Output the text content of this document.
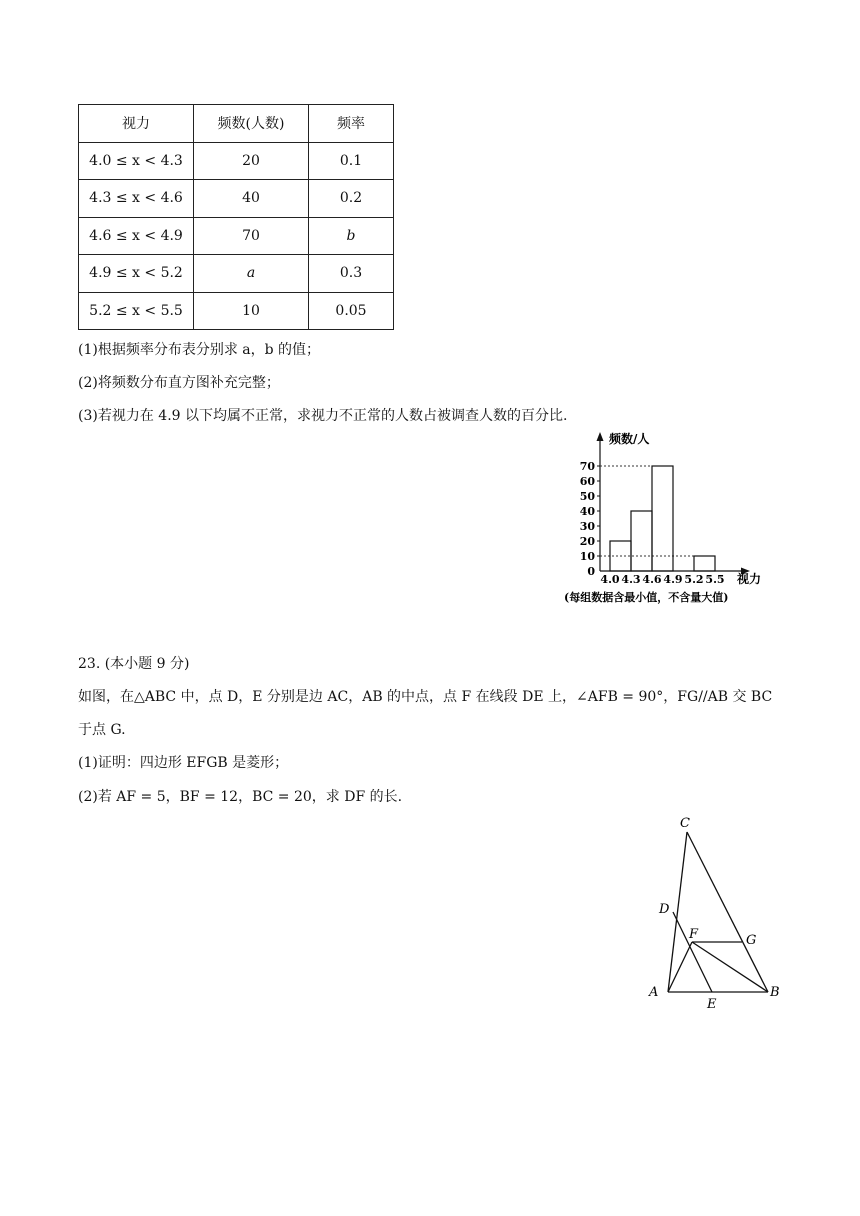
视力	频数(人数)	频率
4.0 ≤ x < 4.3	20	0.1
4.3 ≤ x < 4.6	40	0.2
4.6 ≤ x < 4.9	70	b
4.9 ≤ x < 5.2	a	0.3
5.2 ≤ x < 5.5	10	0.05
(1)根据频率分布表分别求 a，b 的值；
(2)将频数分布直方图补充完整；
(3)若视力在 4.9 以下均属不正常，求视力不正常的人数占被调查人数的百分比.
频数/人
视力
(每组数据含最小值，不含量大值)
0
10
20
30
40
50
60
70
4.0 4.3 4.6 4.9 5.2 5.5
23. (本小题 9 分)
如图，在△ABC 中，点 D，E 分别是边 AC，AB 的中点，点 F 在线段 DE 上，∠AFB = 90°，FG//AB 交 BC
于点 G.
(1)证明：四边形 EFGB 是菱形；
(2)若 AF = 5，BF = 12，BC = 20，求 DF 的长.
C
D
F	G
A
E
B
